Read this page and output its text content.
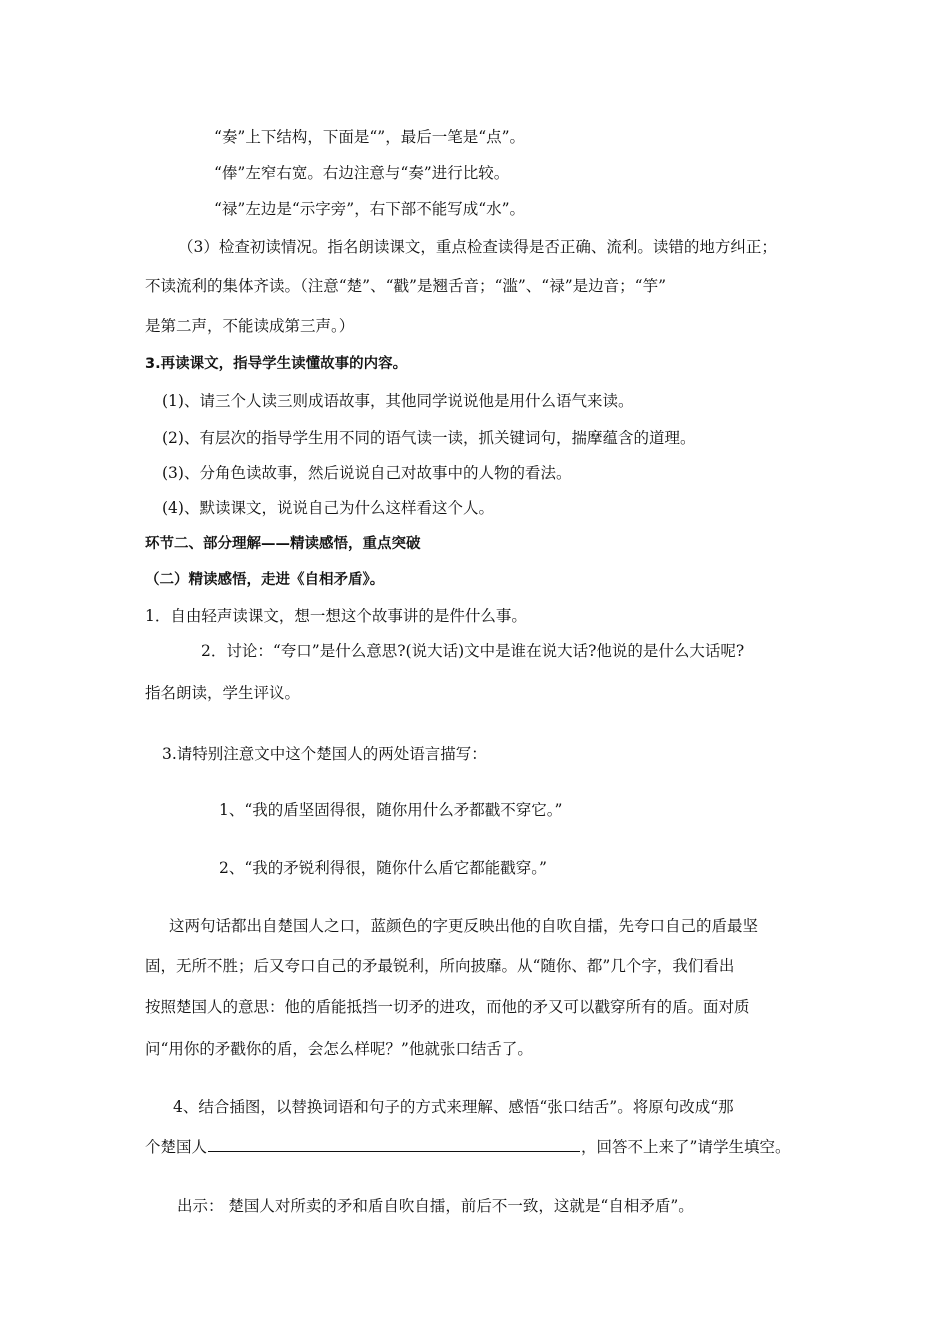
“奏”上下结构，下面是“”，最后一笔是“点”。
“俸”左窄右宽。右边注意与“奏”进行比较。
“禄”左边是“示字旁”，右下部不能写成“水”。
（3）检查初读情况。指名朗读课文，重点检查读得是否正确、流利。读错的地方纠正；
不读流利的集体齐读。（注意“楚”、“戳”是翘舌音；“滥”、“禄”是边音；“竽”
是第二声，不能读成第三声。）
3.再读课文，指导学生读懂故事的内容。
(1)、请三个人读三则成语故事，其他同学说说他是用什么语气来读。
(2)、有层次的指导学生用不同的语气读一读，抓关键词句，揣摩蕴含的道理。
(3)、分角色读故事，然后说说自己对故事中的人物的看法。
(4)、默读课文，说说自己为什么这样看这个人。
环节二、部分理解——精读感悟，重点突破
（二）精读感悟，走进《自相矛盾》。
1．自由轻声读课文，想一想这个故事讲的是件什么事。
2．讨论：“夸口”是什么意思?(说大话)文中是谁在说大话?他说的是什么大话呢?
指名朗读，学生评议。
3.请特别注意文中这个楚国人的两处语言描写：
1、“我的盾坚固得很，随你用什么矛都戳不穿它。”
2、“我的矛锐利得很，随你什么盾它都能戳穿。”
这两句话都出自楚国人之口，蓝颜色的字更反映出他的自吹自擂，先夸口自己的盾最坚
固，无所不胜；后又夸口自己的矛最锐利，所向披靡。从“随你、都”几个字，我们看出
按照楚国人的意思：他的盾能抵挡一切矛的进攻，而他的矛又可以戳穿所有的盾。面对质
问“用你的矛戳你的盾，会怎么样呢？”他就张口结舌了。
4、结合插图，以替换词语和句子的方式来理解、感悟“张口结舌”。将原句改成“那
个楚国人	，回答不上来了”请学生填空。
出示： 楚国人对所卖的矛和盾自吹自擂，前后不一致，这就是“自相矛盾”。
